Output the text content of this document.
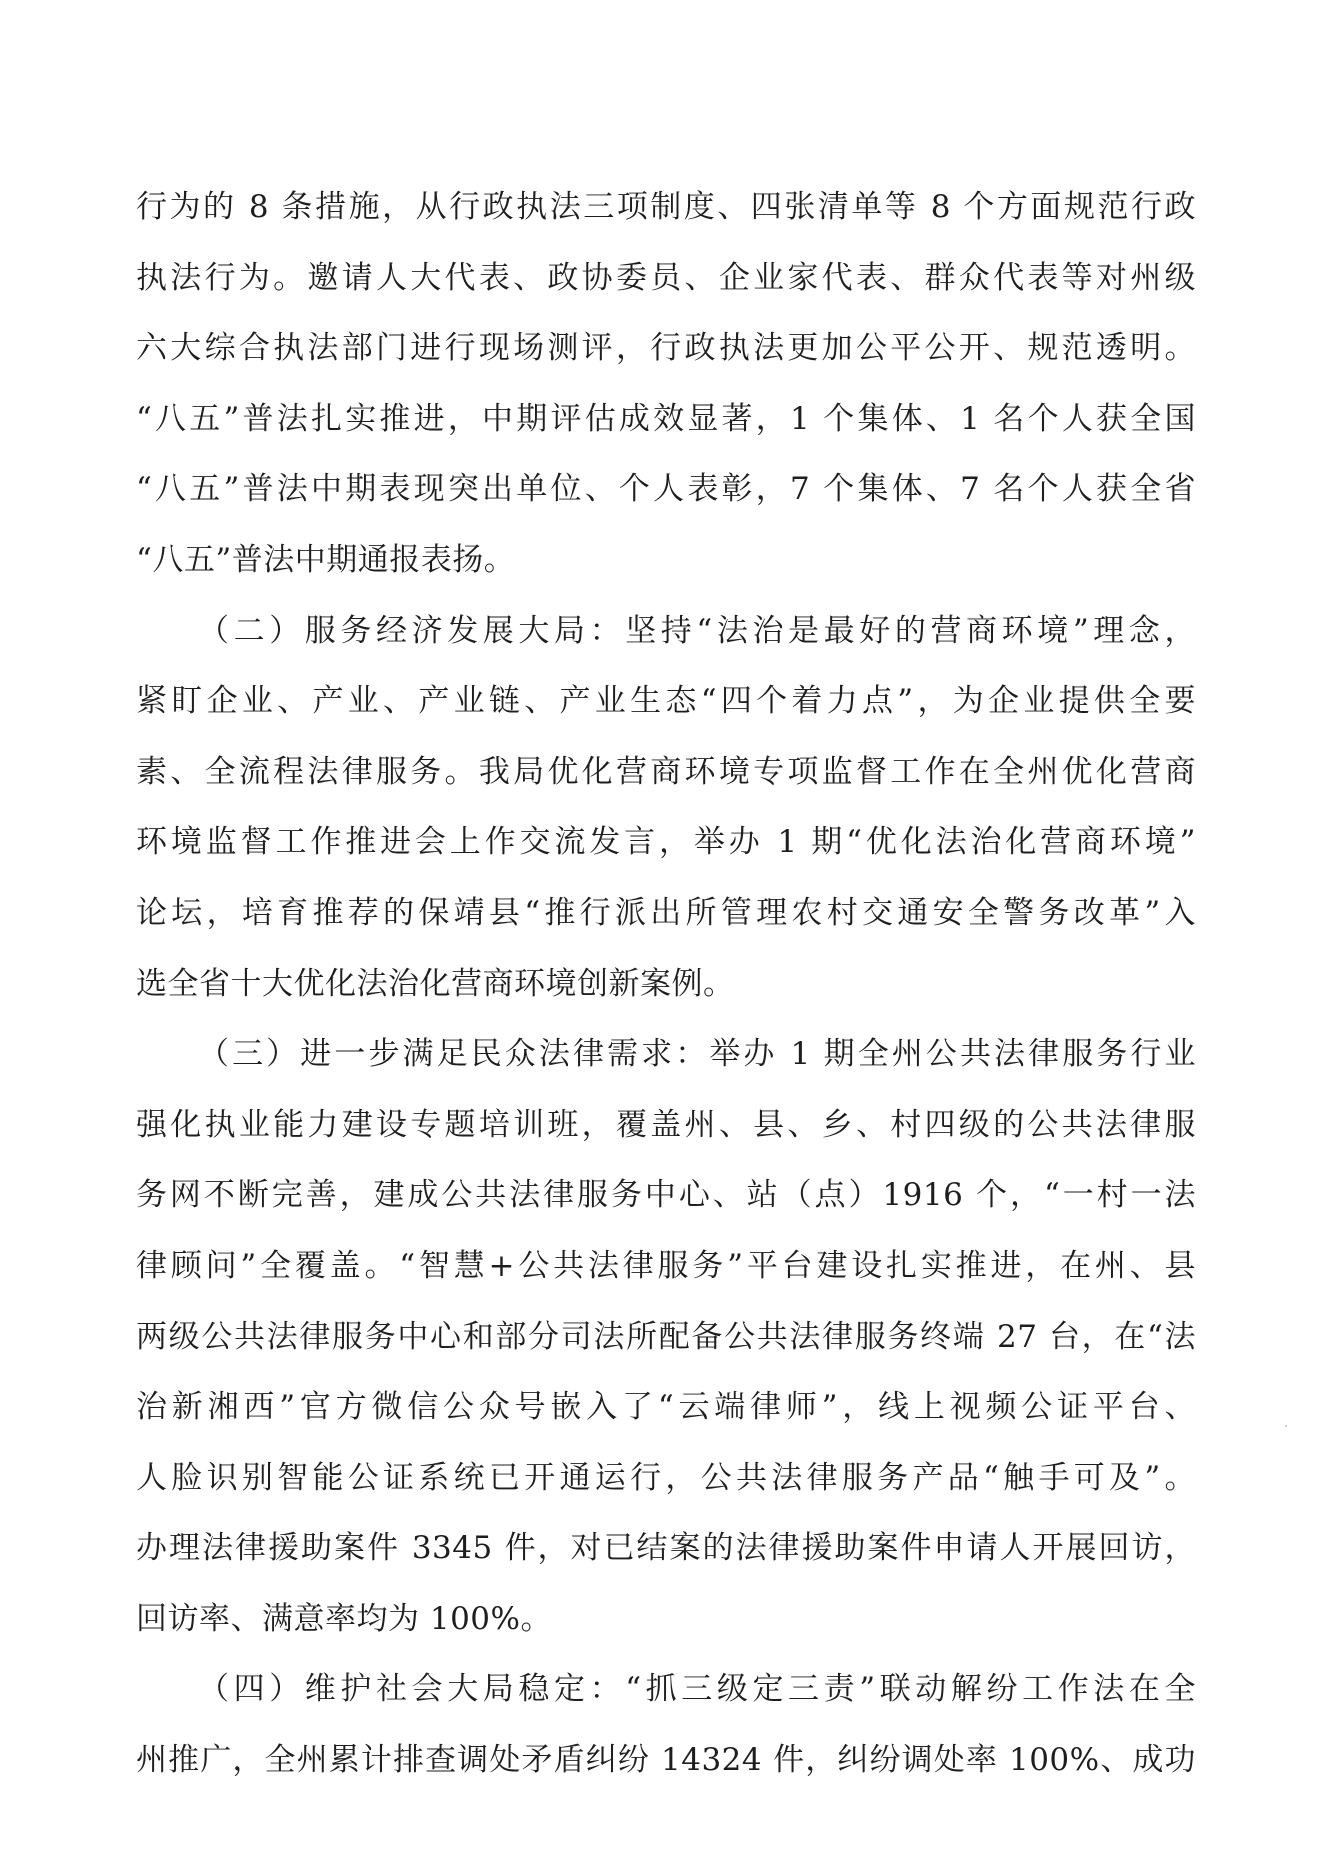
行为的 8 条措施，从行政执法三项制度、四张清单等 8 个方面规范行政
执法行为。邀请人大代表、政协委员、企业家代表、群众代表等对州级
六大综合执法部门进行现场测评，行政执法更加公平公开、规范透明。
“八五”普法扎实推进，中期评估成效显著，1 个集体、1 名个人获全国
“八五”普法中期表现突出单位、个人表彰，7 个集体、7 名个人获全省
“八五”普法中期通报表扬。
（二）服务经济发展大局：坚持“法治是最好的营商环境”理念，
紧盯企业、产业、产业链、产业生态“四个着力点”，为企业提供全要
素、全流程法律服务。我局优化营商环境专项监督工作在全州优化营商
环境监督工作推进会上作交流发言，举办 1 期“优化法治化营商环境”
论坛，培育推荐的保靖县“推行派出所管理农村交通安全警务改革”入
选全省十大优化法治化营商环境创新案例。
（三）进一步满足民众法律需求：举办 1 期全州公共法律服务行业
强化执业能力建设专题培训班，覆盖州、县、乡、村四级的公共法律服
务网不断完善，建成公共法律服务中心、站（点）1916 个，“一村一法
律顾问”全覆盖。“智慧+公共法律服务”平台建设扎实推进，在州、县
两级公共法律服务中心和部分司法所配备公共法律服务终端 27 台，在“法
治新湘西”官方微信公众号嵌入了“云端律师”，线上视频公证平台、
人脸识别智能公证系统已开通运行，公共法律服务产品“触手可及”。
办理法律援助案件 3345 件，对已结案的法律援助案件申请人开展回访，
回访率、满意率均为 100%。
（四）维护社会大局稳定：“抓三级定三责”联动解纷工作法在全
州推广，全州累计排查调处矛盾纠纷 14324 件，纠纷调处率 100%、成功
